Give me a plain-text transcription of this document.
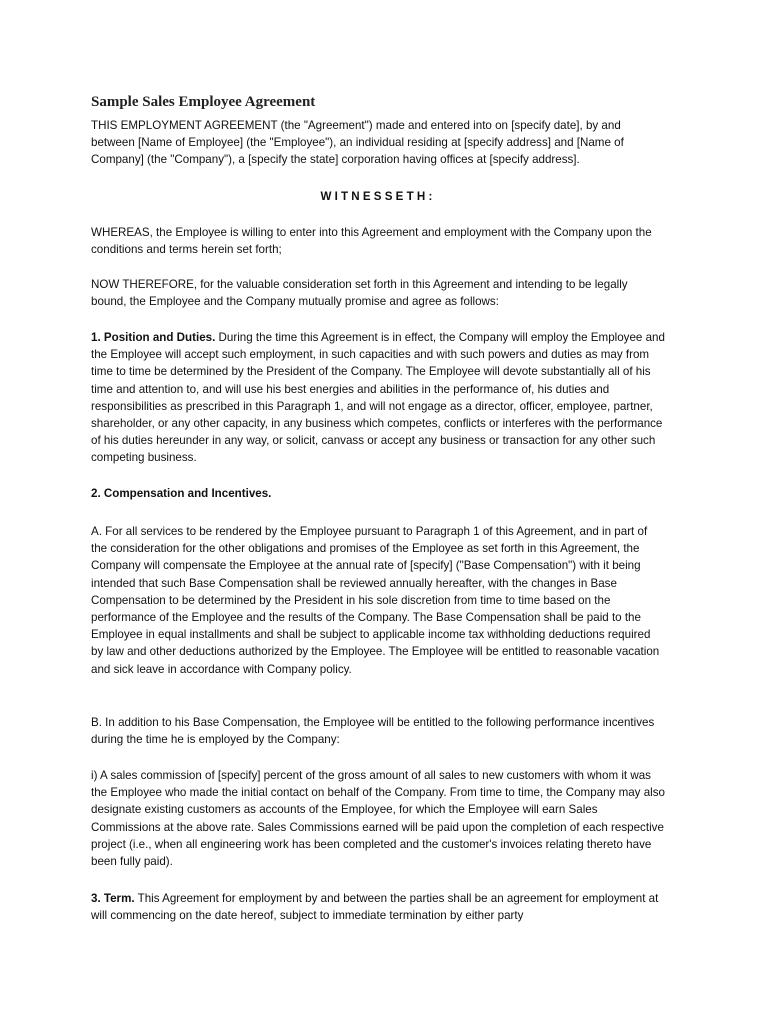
Sample Sales Employee Agreement

THIS EMPLOYMENT AGREEMENT (the "Agreement") made and entered into on [specify date], by and between [Name of Employee] (the "Employee"), an individual residing at [specify address] and [Name of Company] (the "Company"), a [specify the state] corporation having offices at [specify address].

WITNESSETH:

WHEREAS, the Employee is willing to enter into this Agreement and employment with the Company upon the conditions and terms herein set forth;

NOW THEREFORE, for the valuable consideration set forth in this Agreement and intending to be legally bound, the Employee and the Company mutually promise and agree as follows:

1. Position and Duties. During the time this Agreement is in effect, the Company will employ the Employee and the Employee will accept such employment, in such capacities and with such powers and duties as may from time to time be determined by the President of the Company. The Employee will devote substantially all of his time and attention to, and will use his best energies and abilities in the performance of, his duties and responsibilities as prescribed in this Paragraph 1, and will not engage as a director, officer, employee, partner, shareholder, or any other capacity, in any business which competes, conflicts or interferes with the performance of his duties hereunder in any way, or solicit, canvass or accept any business or transaction for any other such competing business.

2. Compensation and Incentives.

A. For all services to be rendered by the Employee pursuant to Paragraph 1 of this Agreement, and in part of the consideration for the other obligations and promises of the Employee as set forth in this Agreement, the Company will compensate the Employee at the annual rate of [specify] ("Base Compensation") with it being intended that such Base Compensation shall be reviewed annually hereafter, with the changes in Base Compensation to be determined by the President in his sole discretion from time to time based on the performance of the Employee and the results of the Company. The Base Compensation shall be paid to the Employee in equal installments and shall be subject to applicable income tax withholding deductions required by law and other deductions authorized by the Employee. The Employee will be entitled to reasonable vacation and sick leave in accordance with Company policy.

B. In addition to his Base Compensation, the Employee will be entitled to the following performance incentives during the time he is employed by the Company:

i) A sales commission of [specify] percent of the gross amount of all sales to new customers with whom it was the Employee who made the initial contact on behalf of the Company. From time to time, the Company may also designate existing customers as accounts of the Employee, for which the Employee will earn Sales Commissions at the above rate. Sales Commissions earned will be paid upon the completion of each respective project (i.e., when all engineering work has been completed and the customer's invoices relating thereto have been fully paid).

3. Term. This Agreement for employment by and between the parties shall be an agreement for employment at will commencing on the date hereof, subject to immediate termination by either party
